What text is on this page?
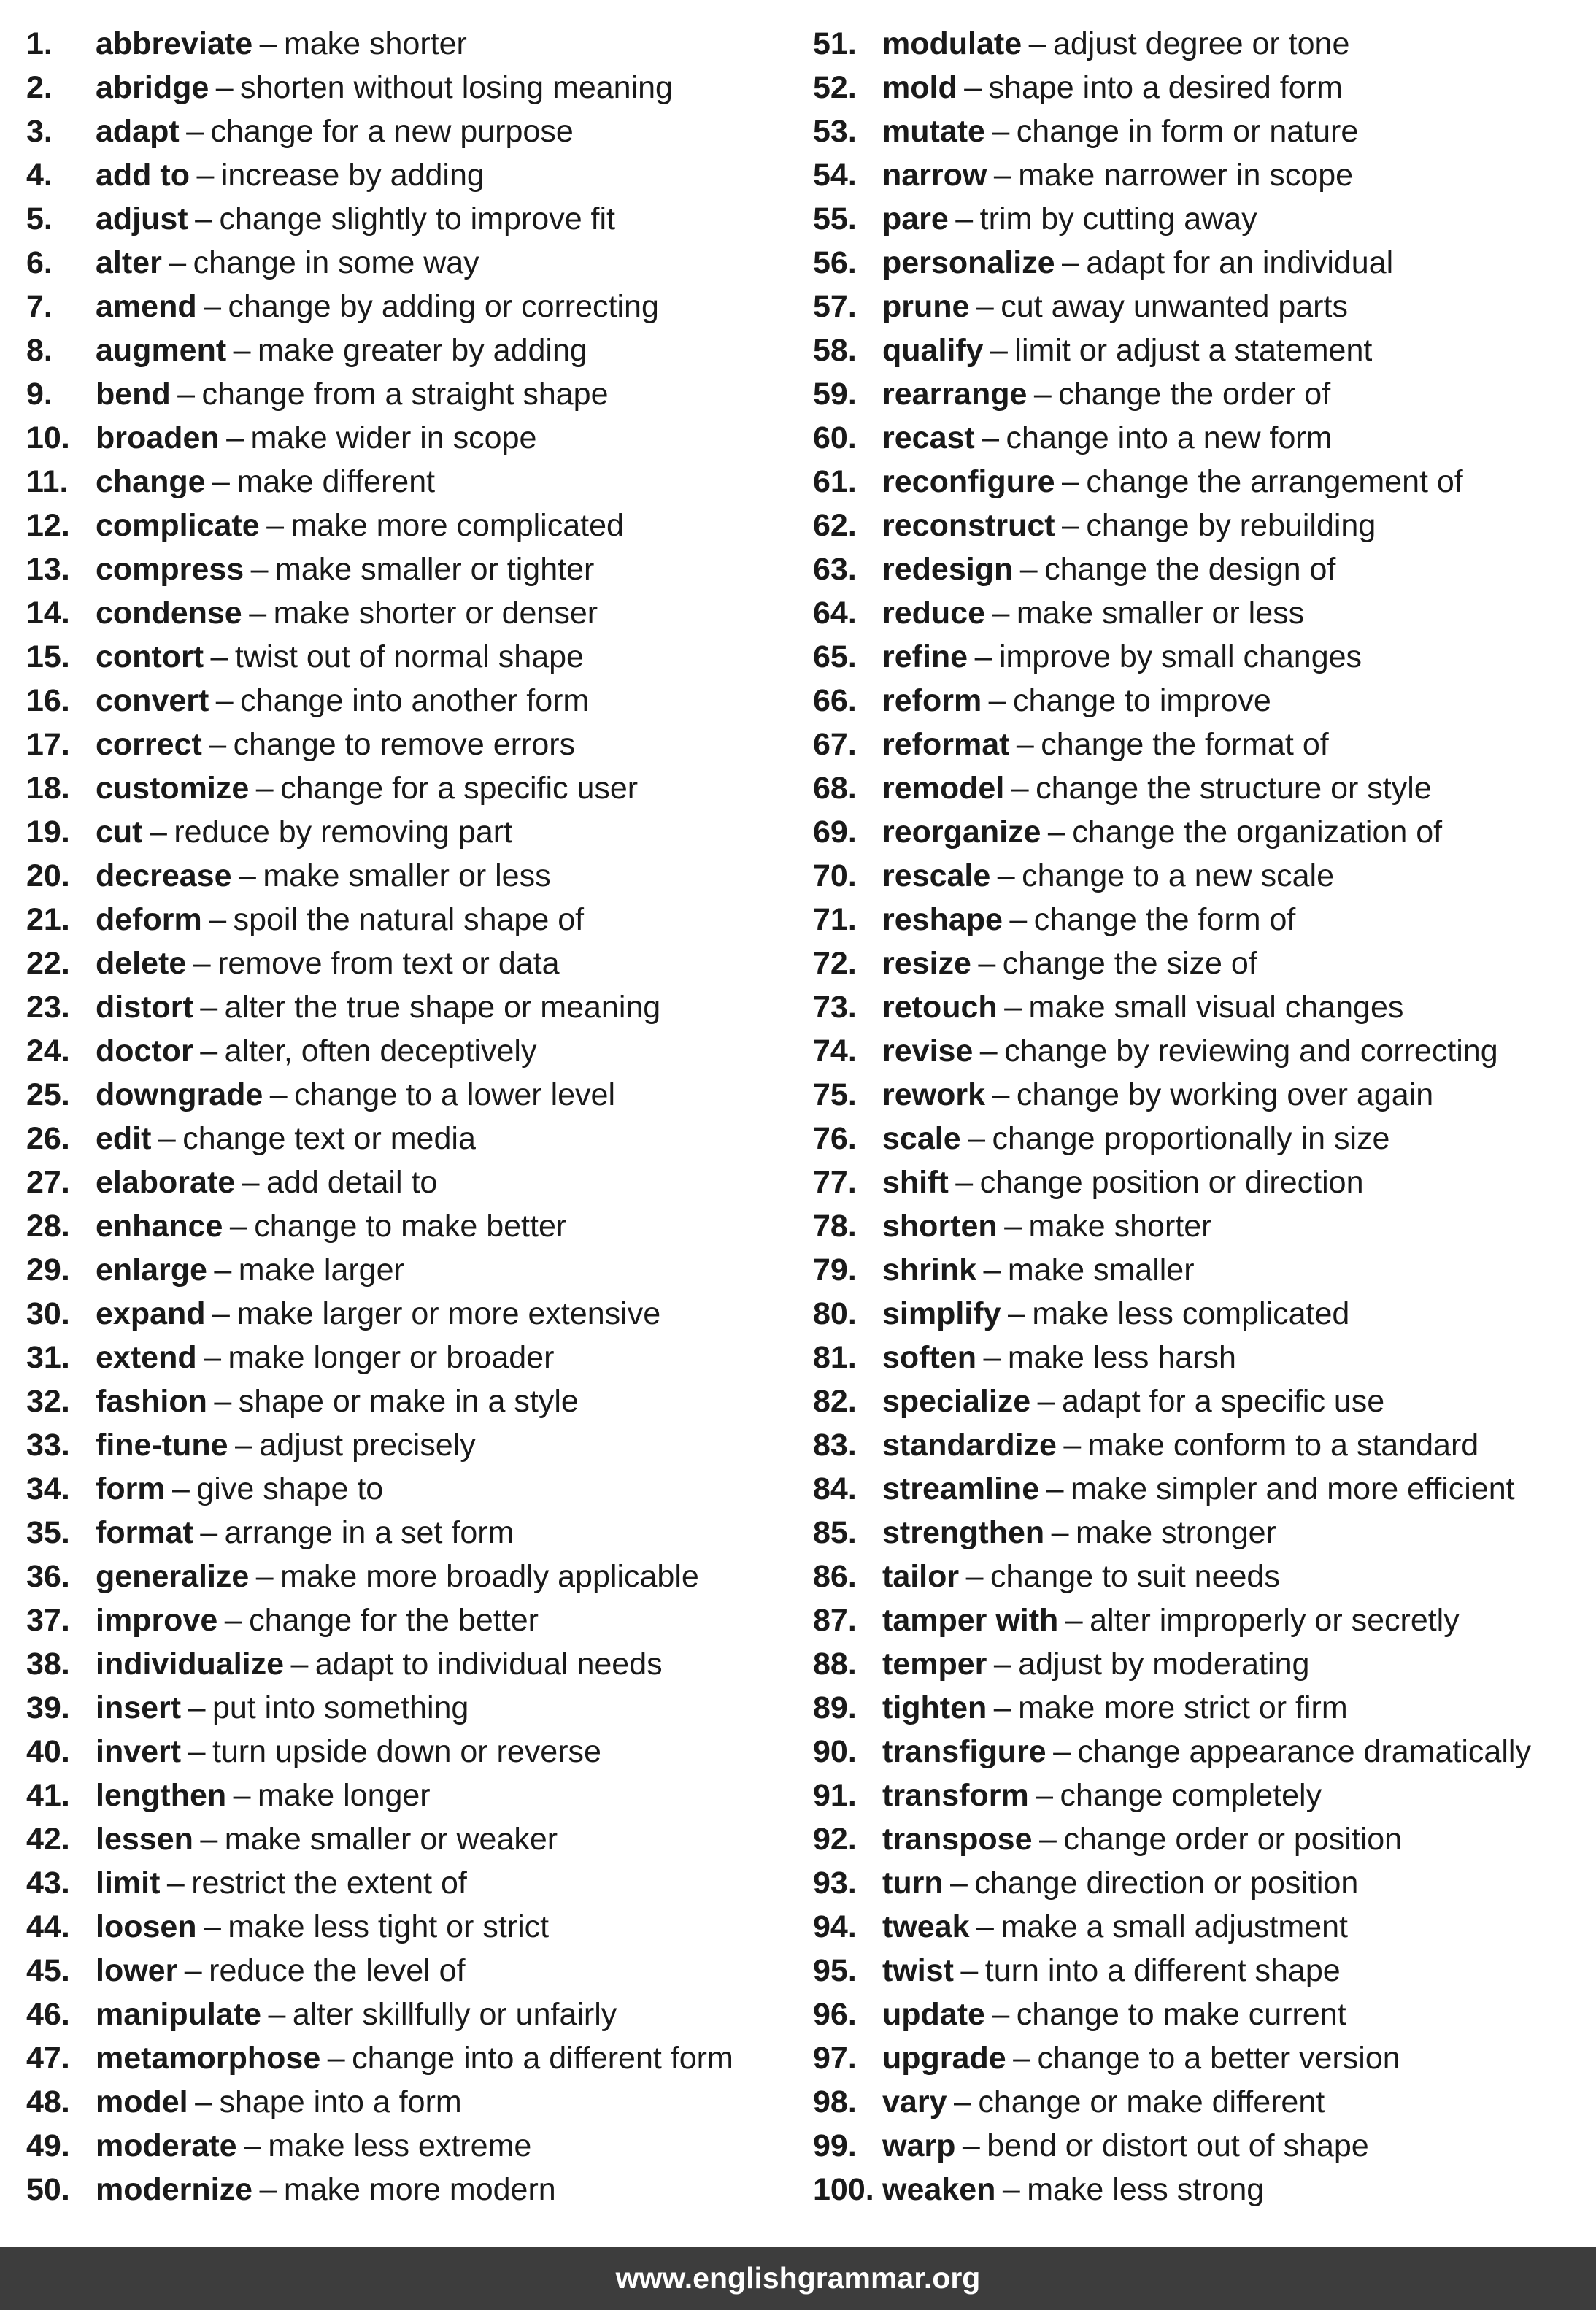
1. abbreviate – make shorter
2. abridge – shorten without losing meaning
3. adapt – change for a new purpose
4. add to – increase by adding
5. adjust – change slightly to improve fit
6. alter – change in some way
7. amend – change by adding or correcting
8. augment – make greater by adding
9. bend – change from a straight shape
10. broaden – make wider in scope
11. change – make different
12. complicate – make more complicated
13. compress – make smaller or tighter
14. condense – make shorter or denser
15. contort – twist out of normal shape
16. convert – change into another form
17. correct – change to remove errors
18. customize – change for a specific user
19. cut – reduce by removing part
20. decrease – make smaller or less
21. deform – spoil the natural shape of
22. delete – remove from text or data
23. distort – alter the true shape or meaning
24. doctor – alter, often deceptively
25. downgrade – change to a lower level
26. edit – change text or media
27. elaborate – add detail to
28. enhance – change to make better
29. enlarge – make larger
30. expand – make larger or more extensive
31. extend – make longer or broader
32. fashion – shape or make in a style
33. fine-tune – adjust precisely
34. form – give shape to
35. format – arrange in a set form
36. generalize – make more broadly applicable
37. improve – change for the better
38. individualize – adapt to individual needs
39. insert – put into something
40. invert – turn upside down or reverse
41. lengthen – make longer
42. lessen – make smaller or weaker
43. limit – restrict the extent of
44. loosen – make less tight or strict
45. lower – reduce the level of
46. manipulate – alter skillfully or unfairly
47. metamorphose – change into a different form
48. model – shape into a form
49. moderate – make less extreme
50. modernize – make more modern
51. modulate – adjust degree or tone
52. mold – shape into a desired form
53. mutate – change in form or nature
54. narrow – make narrower in scope
55. pare – trim by cutting away
56. personalize – adapt for an individual
57. prune – cut away unwanted parts
58. qualify – limit or adjust a statement
59. rearrange – change the order of
60. recast – change into a new form
61. reconfigure – change the arrangement of
62. reconstruct – change by rebuilding
63. redesign – change the design of
64. reduce – make smaller or less
65. refine – improve by small changes
66. reform – change to improve
67. reformat – change the format of
68. remodel – change the structure or style
69. reorganize – change the organization of
70. rescale – change to a new scale
71. reshape – change the form of
72. resize – change the size of
73. retouch – make small visual changes
74. revise – change by reviewing and correcting
75. rework – change by working over again
76. scale – change proportionally in size
77. shift – change position or direction
78. shorten – make shorter
79. shrink – make smaller
80. simplify – make less complicated
81. soften – make less harsh
82. specialize – adapt for a specific use
83. standardize – make conform to a standard
84. streamline – make simpler and more efficient
85. strengthen – make stronger
86. tailor – change to suit needs
87. tamper with – alter improperly or secretly
88. temper – adjust by moderating
89. tighten – make more strict or firm
90. transfigure – change appearance dramatically
91. transform – change completely
92. transpose – change order or position
93. turn – change direction or position
94. tweak – make a small adjustment
95. twist – turn into a different shape
96. update – change to make current
97. upgrade – change to a better version
98. vary – change or make different
99. warp – bend or distort out of shape
100. weaken – make less strong
www.englishgrammar.org
